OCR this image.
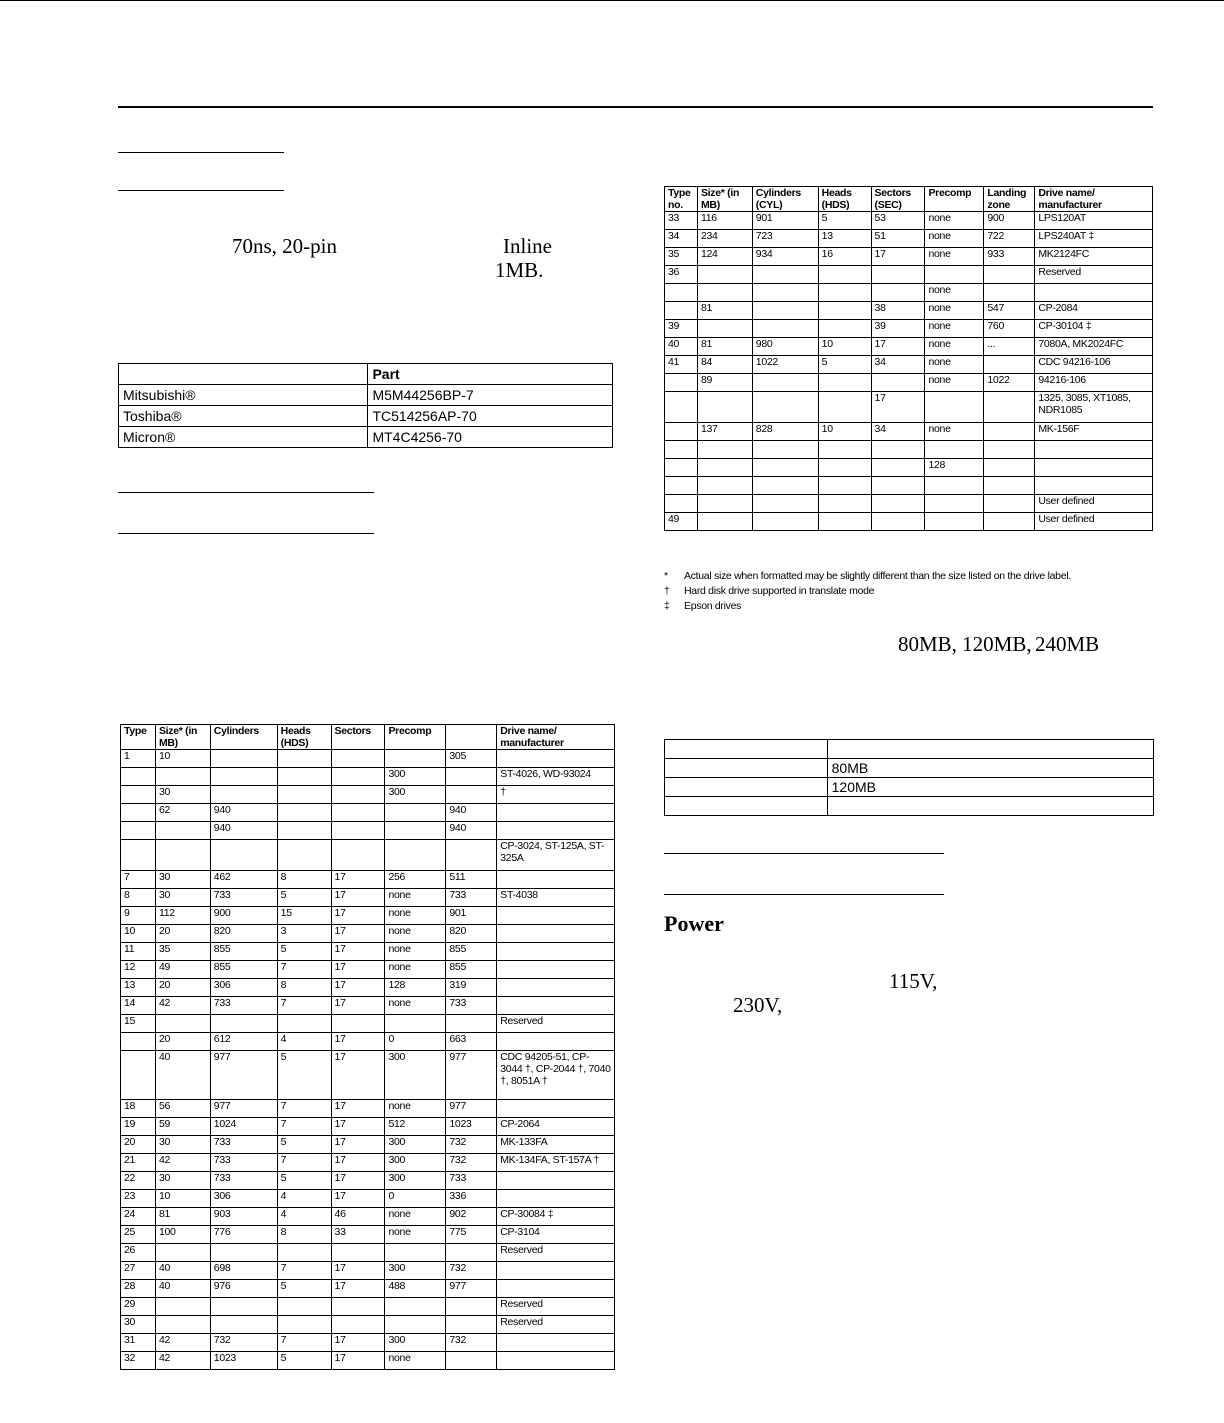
70ns, 20-pin	Inline
1MB.
80MB, 120MB, 240MB
Power
115V,
230V,
	Part
Mitsubishi®	M5M44256BP-7
Toshiba®	TC514256AP-70
Micron®	MT4C4256-70
Type no.	Size* (in MB)	Cylinders (CYL)	Heads (HDS)	Sectors (SEC)	Precomp	Landing zone	Drive name/ manufacturer
33	116	901	5	53	none	900	LPS120AT
34	234	723	13	51	none	722	LPS240AT ‡
35	124	934	16	17	none	933	MK2124FC
36							Reserved
					none		
	81			38	none	547	CP-2084
39				39	none	760	CP-30104 ‡
40	81	980	10	17	none	...	7080A, MK2024FC
41	84	1022	5	34	none		CDC 94216-106
	89				none	1022	94216-106
				17			1325, 3085, XT1085, NDR1085
	137	828	10	34	none		MK-156F

					128		

							User defined
49							User defined
* Actual size when formatted may be slightly different than the size listed on the drive label.
† Hard disk drive supported in translate mode
‡ Epson drives

	80MB
	120MB

Type	Size* (in MB)	Cylinders	Heads (HDS)	Sectors	Precomp		Drive name/ manufacturer
1	10					305	
					300		ST-4026, WD-93024
	30				300		†
	62	940				940	
		940				940	
							CP-3024, ST-125A, ST-325A
7	30	462	8	17	256	511	
8	30	733	5	17	none	733	ST-4038
9	112	900	15	17	none	901	
10	20	820	3	17	none	820	
11	35	855	5	17	none	855	
12	49	855	7	17	none	855	
13	20	306	8	17	128	319	
14	42	733	7	17	none	733	
15							Reserved
	20	612	4	17	0	663	
	40	977	5	17	300	977	CDC 94205-51, CP-3044 †, CP-2044 †, 7040 †, 8051A †
18	56	977	7	17	none	977	
19	59	1024	7	17	512	1023	CP-2064
20	30	733	5	17	300	732	MK-133FA
21	42	733	7	17	300	732	MK-134FA, ST-157A †
22	30	733	5	17	300	733	
23	10	306	4	17	0	336	
24	81	903	4	46	none	902	CP-30084 ‡
25	100	776	8	33	none	775	CP-3104
26							Reserved
27	40	698	7	17	300	732	
28	40	976	5	17	488	977	
29							Reserved
30							Reserved
31	42	732	7	17	300	732	
32	42	1023	5	17	none		
